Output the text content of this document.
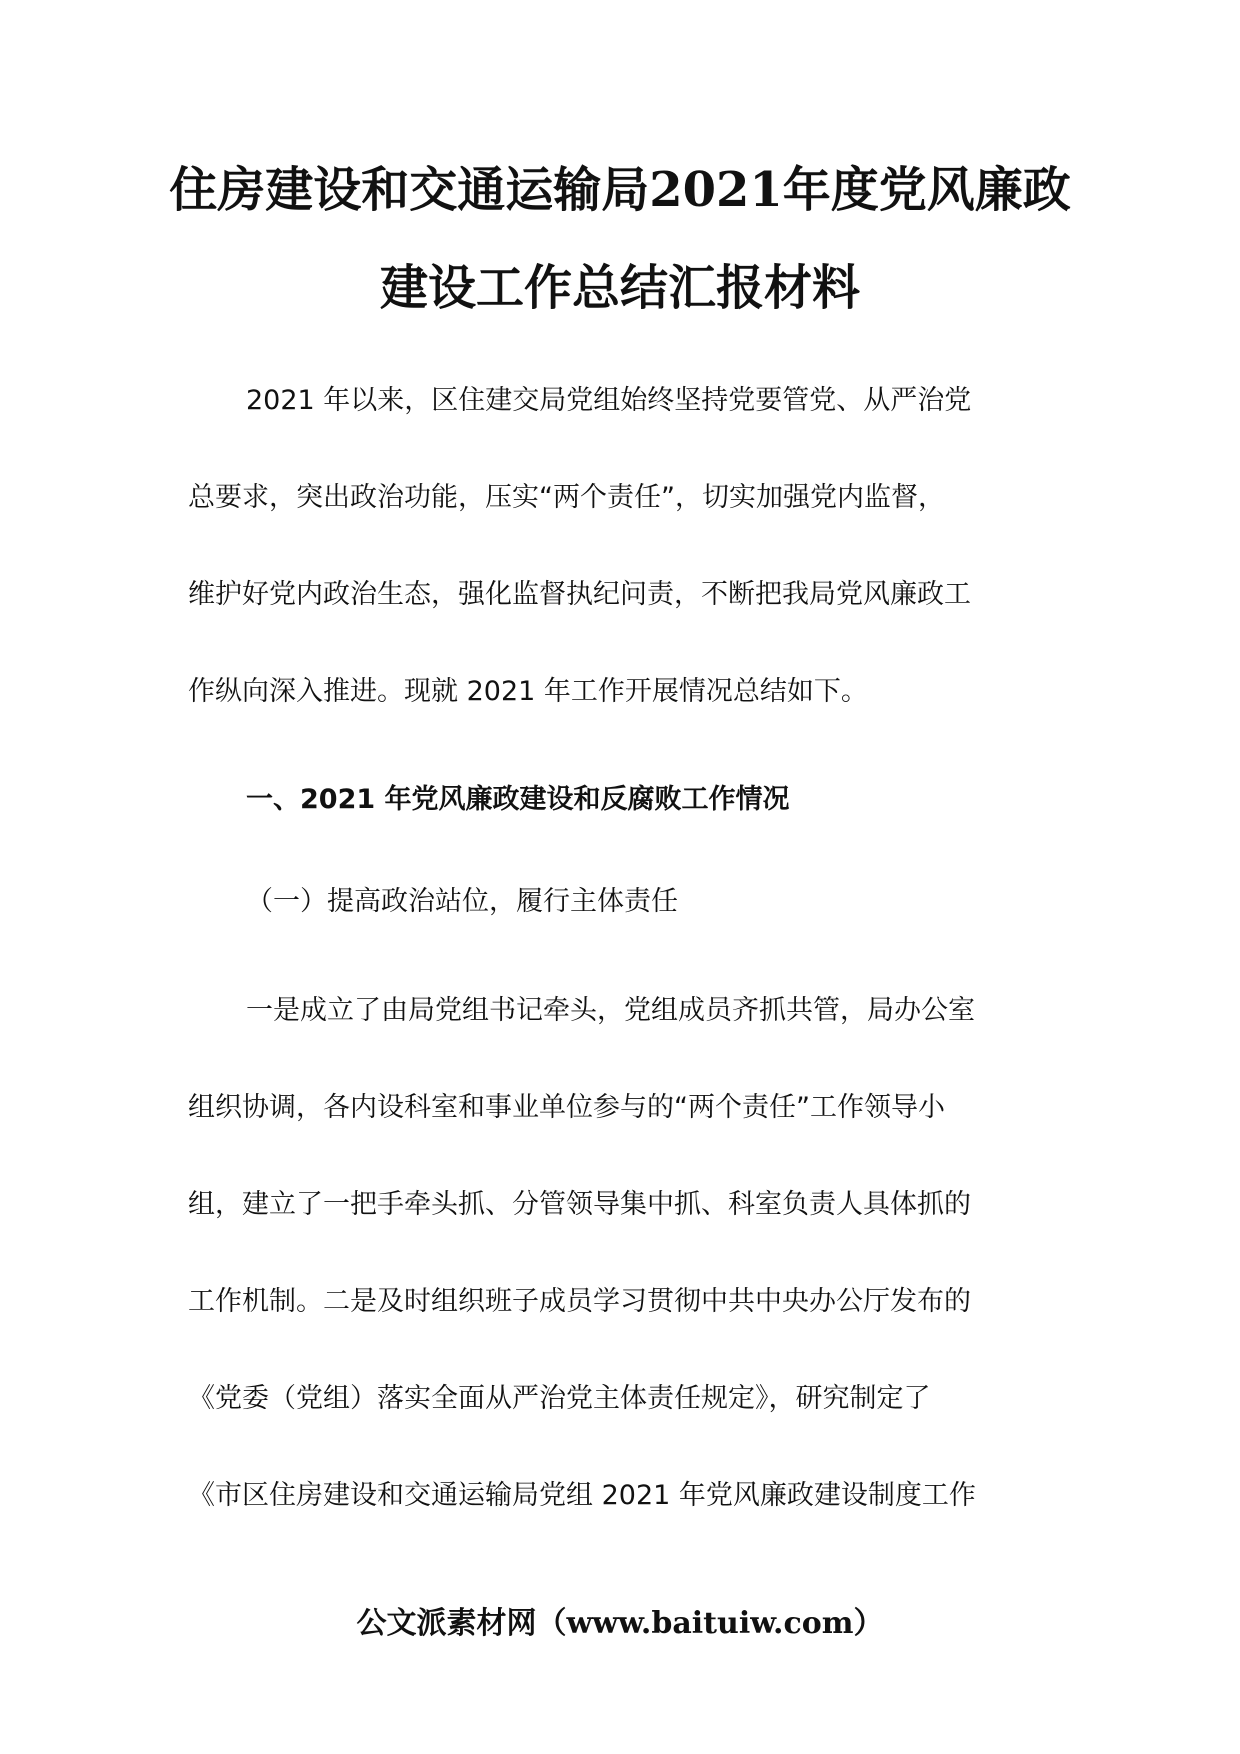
住房建设和交通运输局2021年度党风廉政
建设工作总结汇报材料
2021 年以来，区住建交局党组始终坚持党要管党、从严治党
总要求，突出政治功能，压实“两个责任”，切实加强党内监督，
维护好党内政治生态，强化监督执纪问责，不断把我局党风廉政工
作纵向深入推进。现就 2021 年工作开展情况总结如下。
一、2021 年党风廉政建设和反腐败工作情况
（一）提高政治站位，履行主体责任
一是成立了由局党组书记牵头，党组成员齐抓共管，局办公室
组织协调，各内设科室和事业单位参与的“两个责任”工作领导小
组，建立了一把手牵头抓、分管领导集中抓、科室负责人具体抓的
工作机制。二是及时组织班子成员学习贯彻中共中央办公厅发布的
《党委（党组）落实全面从严治党主体责任规定》，研究制定了
《市区住房建设和交通运输局党组 2021 年党风廉政建设制度工作
公文派素材网（www.baituiw.com）
